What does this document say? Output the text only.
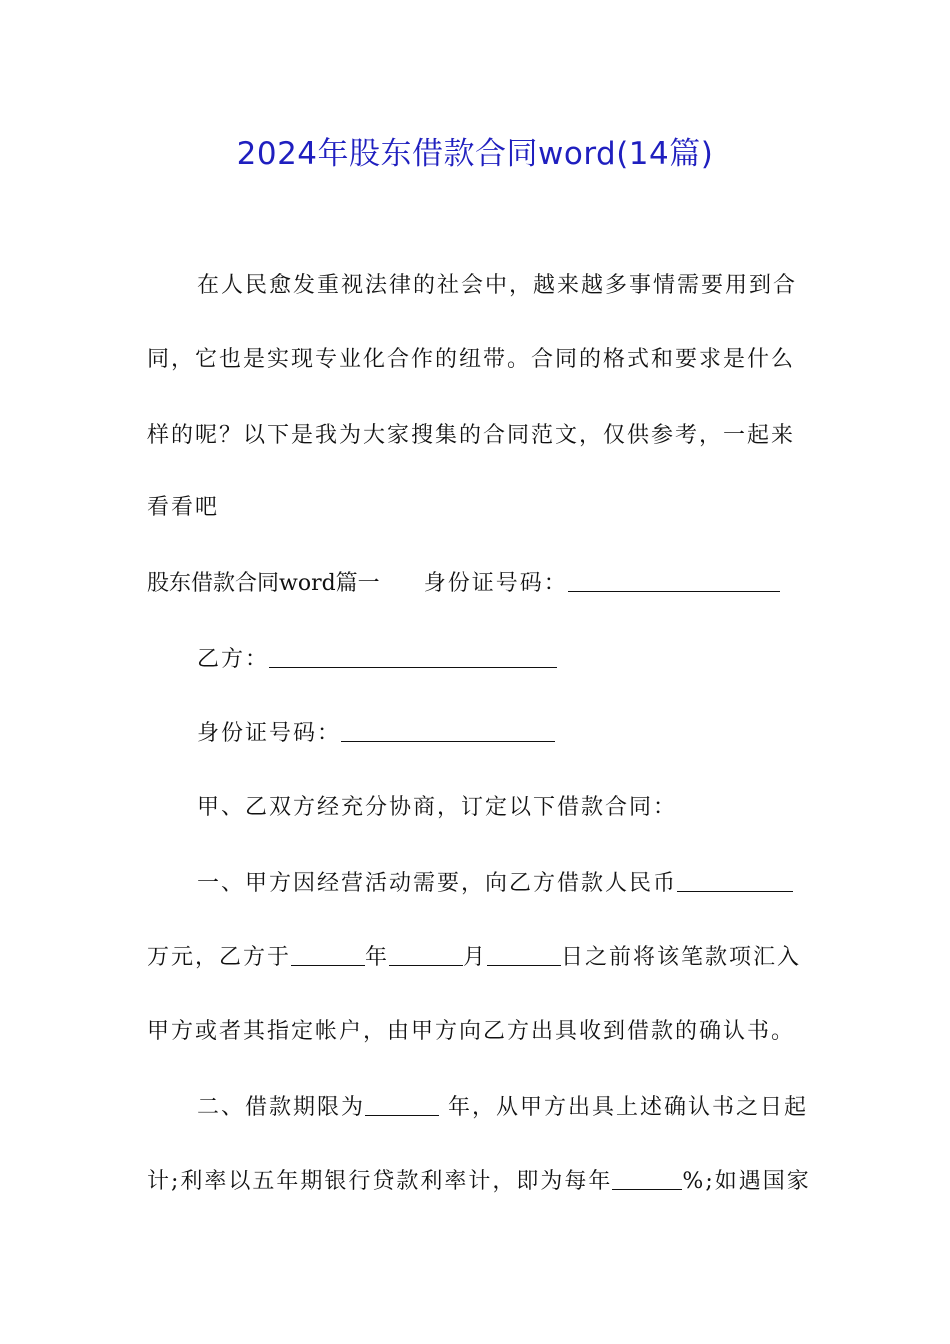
2024年股东借款合同word(14篇)
在人民愈发重视法律的社会中，越来越多事情需要用到合
同，它也是实现专业化合作的纽带。合同的格式和要求是什么
样的呢？以下是我为大家搜集的合同范文，仅供参考，一起来
看看吧
股东借款合同word篇一 身份证号码：
乙方：
身份证号码：
甲、乙双方经充分协商，订定以下借款合同：
一、甲方因经营活动需要，向乙方借款人民币
万元，乙方于	年	月	日之前将该笔款项汇入
甲方或者其指定帐户，由甲方向乙方出具收到借款的确认书。
二、借款期限为	年，从甲方出具上述确认书之日起
计;利率以五年期银行贷款利率计，即为每年	%;如遇国家
